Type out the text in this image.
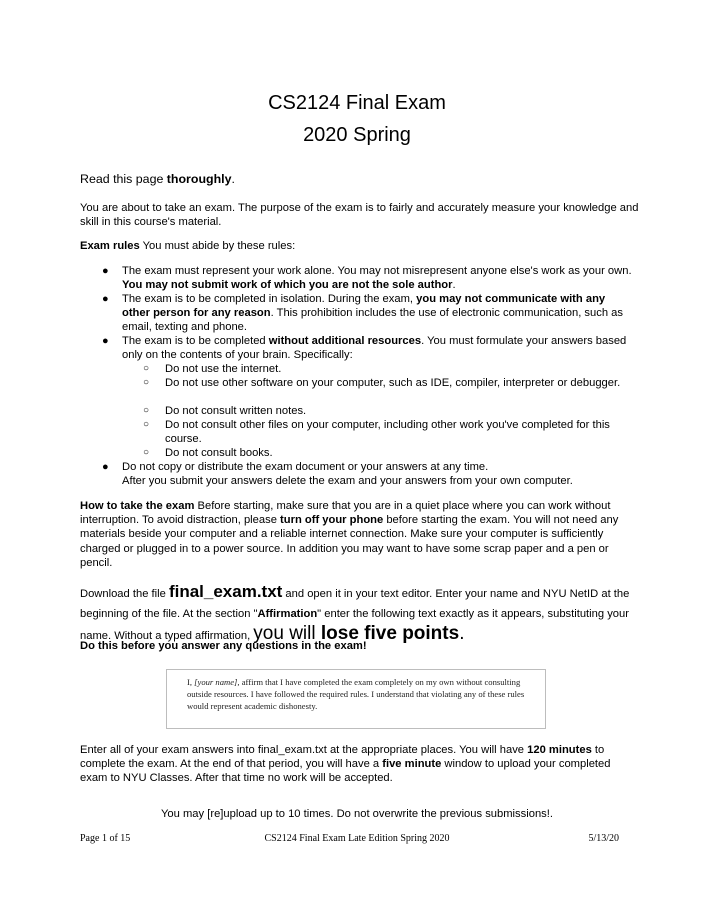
CS2124 Final Exam
2020 Spring

Read this page thoroughly.

You are about to take an exam. The purpose of the exam is to fairly and accurately measure your knowledge and skill in this course's material.

Exam rules You must abide by these rules:

●	The exam must represent your work alone. You may not misrepresent anyone else's work as your own. You may not submit work of which you are not the sole author.
●	The exam is to be completed in isolation. During the exam, you may not communicate with any other person for any reason. This prohibition includes the use of electronic communication, such as email, texting and phone.
●	The exam is to be completed without additional resources. You must formulate your answers based only on the contents of your brain. Specifically:
○	Do not use the internet.
○	Do not use other software on your computer, such as IDE, compiler, interpreter or debugger.
○	Do not consult written notes.
○	Do not consult other files on your computer, including other work you've completed for this course.
○	Do not consult books.
●	Do not copy or distribute the exam document or your answers at any time.
After you submit your answers delete the exam and your answers from your own computer.

How to take the exam Before starting, make sure that you are in a quiet place where you can work without interruption. To avoid distraction, please turn off your phone before starting the exam. You will not need any materials beside your computer and a reliable internet connection. Make sure your computer is sufficiently charged or plugged in to a power source. In addition you may want to have some scrap paper and a pen or pencil.

Download the file final_exam.txt and open it in your text editor. Enter your name and NYU NetID at the beginning of the file. At the section "Affirmation" enter the following text exactly as it appears, substituting your name. Without a typed affirmation, you will lose five points.

Do this before you answer any questions in the exam!

I, [your name], affirm that I have completed the exam completely on my own without consulting outside resources. I have followed the required rules. I understand that violating any of these rules would represent academic dishonesty.

Enter all of your exam answers into final_exam.txt at the appropriate places. You will have 120 minutes to complete the exam. At the end of that period, you will have a five minute window to upload your completed exam to NYU Classes. After that time no work will be accepted.

You may [re]upload up to 10 times. Do not overwrite the previous submissions!.

Page 1 of 15	CS2124 Final Exam Late Edition Spring 2020	5/13/20
